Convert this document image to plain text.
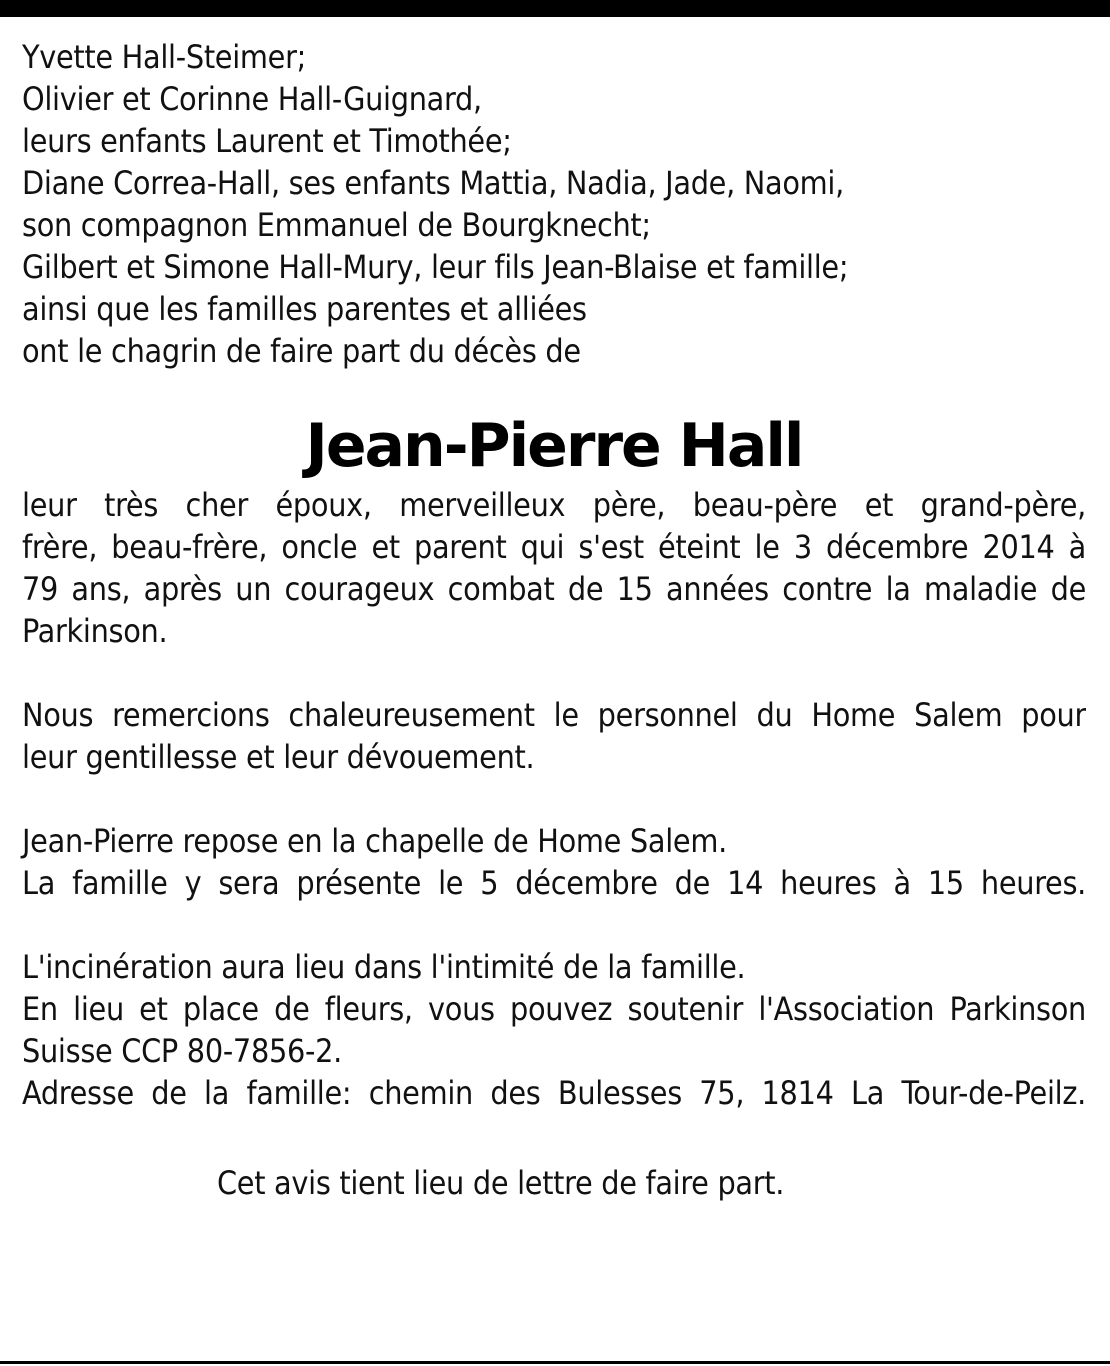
Yvette Hall-Steimer;
Olivier et Corinne Hall-Guignard,
leurs enfants Laurent et Timothée;
Diane Correa-Hall, ses enfants Mattia, Nadia, Jade, Naomi,
son compagnon Emmanuel de Bourgknecht;
Gilbert et Simone Hall-Mury, leur fils Jean-Blaise et famille;
ainsi que les familles parentes et alliées
ont le chagrin de faire part du décès de
Jean-Pierre Hall
leur très cher époux, merveilleux père, beau-père et grand-père,
frère, beau-frère, oncle et parent qui s'est éteint le 3 décembre 2014 à
79 ans, après un courageux combat de 15 années contre la maladie de
Parkinson.
Nous remercions chaleureusement le personnel du Home Salem pour
leur gentillesse et leur dévouement.
Jean-Pierre repose en la chapelle de Home Salem.
La famille y sera présente le 5 décembre de 14 heures à 15 heures.
L'incinération aura lieu dans l'intimité de la famille.
En lieu et place de fleurs, vous pouvez soutenir l'Association Parkinson
Suisse CCP 80-7856-2.
Adresse de la famille: chemin des Bulesses 75, 1814 La Tour-de-Peilz.
Cet avis tient lieu de lettre de faire part.
